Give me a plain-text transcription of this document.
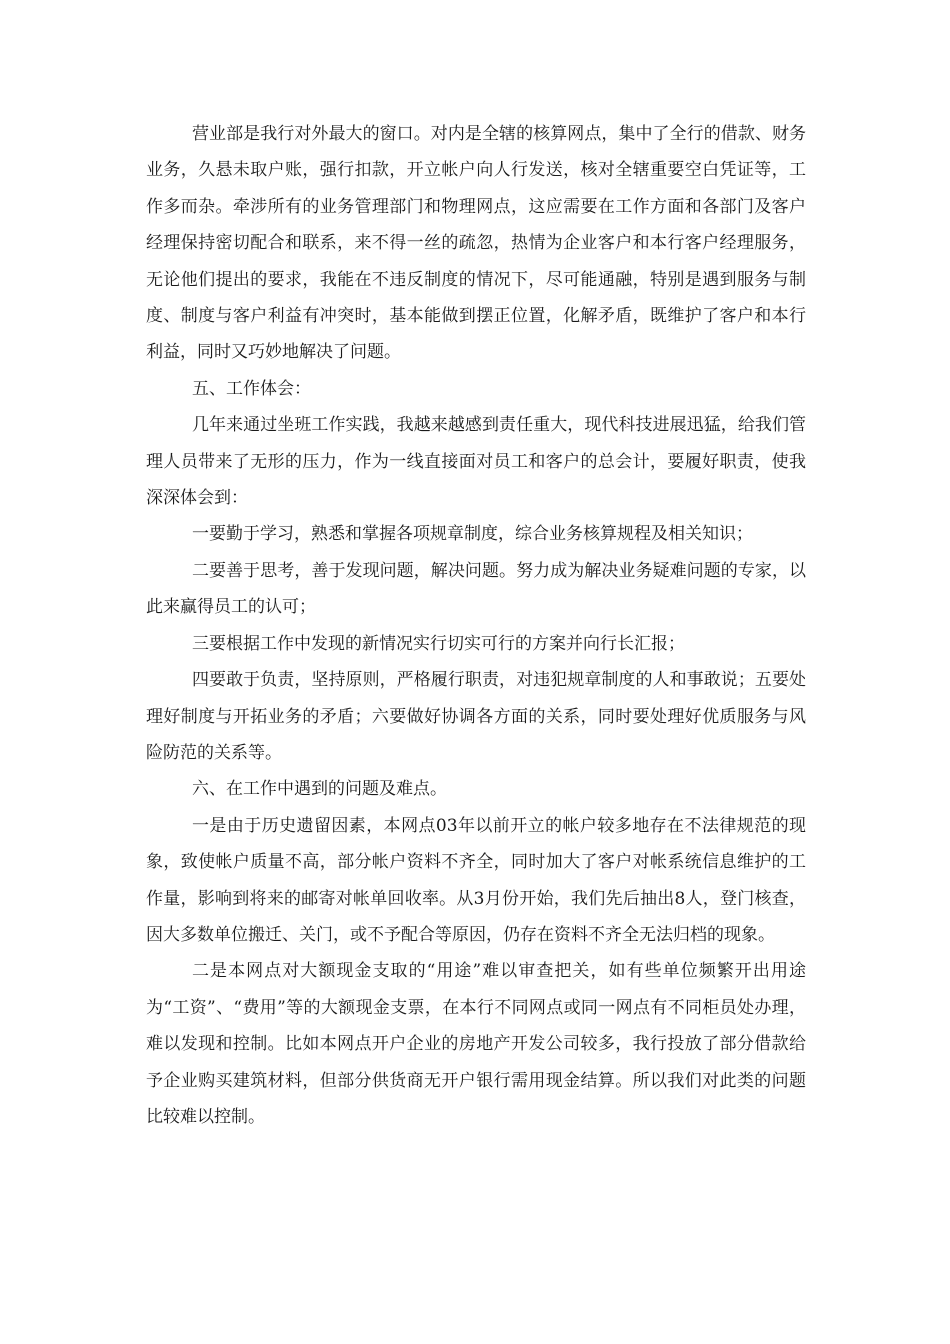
营业部是我行对外最大的窗口。对内是全辖的核算网点，集中了全行的借款、财务业务，久悬未取户账，强行扣款，开立帐户向人行发送，核对全辖重要空白凭证等，工作多而杂。牵涉所有的业务管理部门和物理网点，这应需要在工作方面和各部门及客户经理保持密切配合和联系，来不得一丝的疏忽，热情为企业客户和本行客户经理服务，无论他们提出的要求，我能在不违反制度的情况下，尽可能通融，特别是遇到服务与制度、制度与客户利益有冲突时，基本能做到摆正位置，化解矛盾，既维护了客户和本行利益，同时又巧妙地解决了问题。

五、工作体会：

几年来通过坐班工作实践，我越来越感到责任重大，现代科技进展迅猛，给我们管理人员带来了无形的压力，作为一线直接面对员工和客户的总会计，要履好职责，使我深深体会到：

一要勤于学习，熟悉和掌握各项规章制度，综合业务核算规程及相关知识；

二要善于思考，善于发现问题，解决问题。努力成为解决业务疑难问题的专家，以此来赢得员工的认可；

三要根据工作中发现的新情况实行切实可行的方案并向行长汇报；

四要敢于负责，坚持原则，严格履行职责，对违犯规章制度的人和事敢说；五要处理好制度与开拓业务的矛盾；六要做好协调各方面的关系，同时要处理好优质服务与风险防范的关系等。

六、在工作中遇到的问题及难点。

一是由于历史遗留因素，本网点03年以前开立的帐户较多地存在不法律规范的现象，致使帐户质量不高，部分帐户资料不齐全，同时加大了客户对帐系统信息维护的工作量，影响到将来的邮寄对帐单回收率。从3月份开始，我们先后抽出8人，登门核查，因大多数单位搬迁、关门，或不予配合等原因，仍存在资料不齐全无法归档的现象。

二是本网点对大额现金支取的“用途”难以审查把关，如有些单位频繁开出用途为“工资”、“费用”等的大额现金支票，在本行不同网点或同一网点有不同柜员处办理，难以发现和控制。比如本网点开户企业的房地产开发公司较多，我行投放了部分借款给予企业购买建筑材料，但部分供货商无开户银行需用现金结算。所以我们对此类的问题比较难以控制。
